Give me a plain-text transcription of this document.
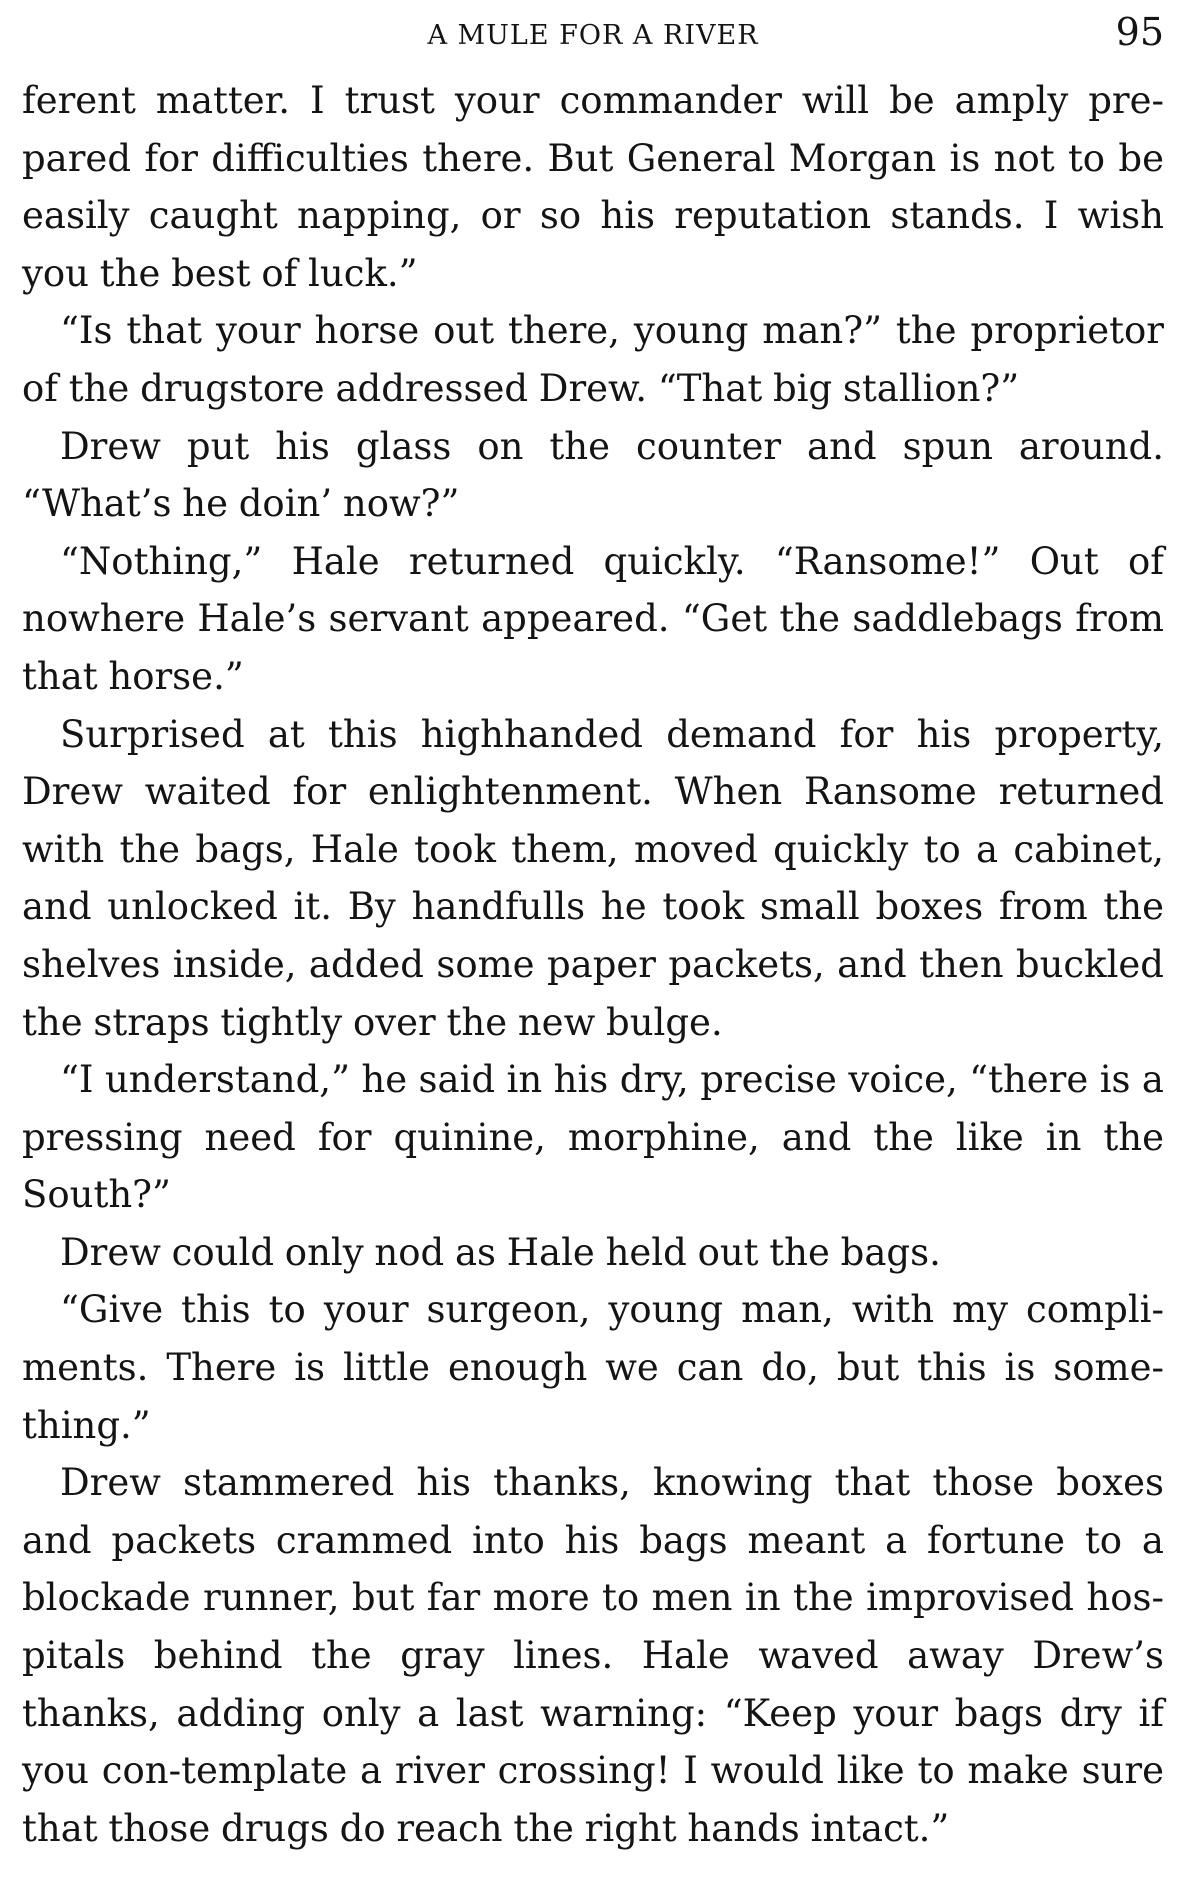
A MULE FOR A RIVER	95

ferent matter. I trust your commander will be amply pre-pared for difficulties there. But General Morgan is not to be easily caught napping, or so his reputation stands. I wish you the best of luck.”

“Is that your horse out there, young man?” the proprietor of the drugstore addressed Drew. “That big stallion?”

Drew put his glass on the counter and spun around. “What’s he doin’ now?”

“Nothing,” Hale returned quickly. “Ransome!” Out of nowhere Hale’s servant appeared. “Get the saddlebags from that horse.”

Surprised at this highhanded demand for his property, Drew waited for enlightenment. When Ransome returned with the bags, Hale took them, moved quickly to a cabinet, and unlocked it. By handfulls he took small boxes from the shelves inside, added some paper packets, and then buckled the straps tightly over the new bulge.

“I understand,” he said in his dry, precise voice, “there is a pressing need for quinine, morphine, and the like in the South?”

Drew could only nod as Hale held out the bags.

“Give this to your surgeon, young man, with my compli-ments. There is little enough we can do, but this is some-thing.”

Drew stammered his thanks, knowing that those boxes and packets crammed into his bags meant a fortune to a blockade runner, but far more to men in the improvised hos-pitals behind the gray lines. Hale waved away Drew’s thanks, adding only a last warning: “Keep your bags dry if you con-template a river crossing! I would like to make sure that those drugs do reach the right hands intact.”
